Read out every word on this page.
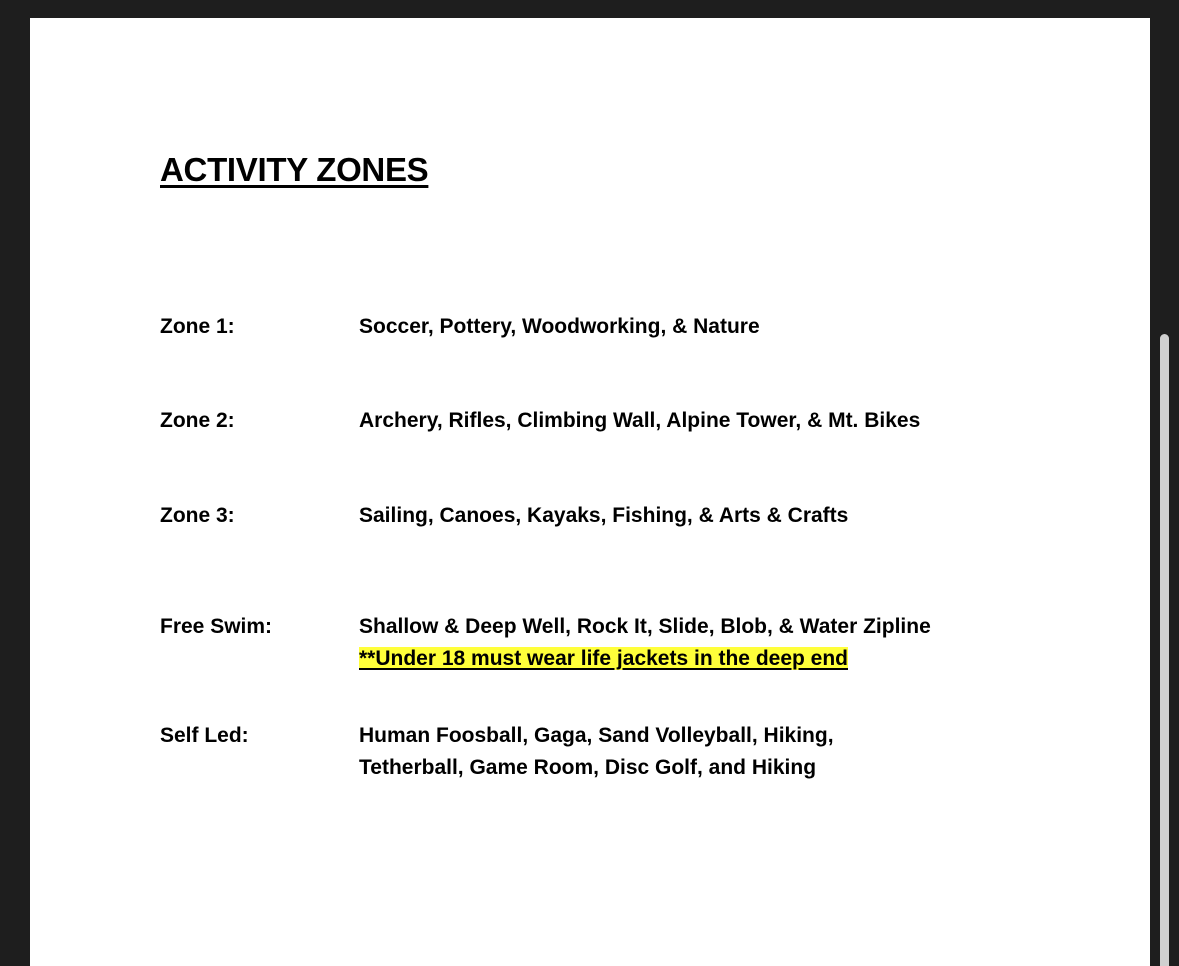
ACTIVITY ZONES
Zone 1:	Soccer, Pottery, Woodworking, & Nature
Zone 2:	Archery, Rifles, Climbing Wall, Alpine Tower, & Mt. Bikes
Zone 3:	Sailing, Canoes, Kayaks, Fishing, & Arts & Crafts
Free Swim:	Shallow & Deep Well, Rock It, Slide, Blob, & Water Zipline
**Under 18 must wear life jackets in the deep end
Self Led:	Human Foosball, Gaga, Sand Volleyball, Hiking,
Tetherball, Game Room, Disc Golf, and Hiking
